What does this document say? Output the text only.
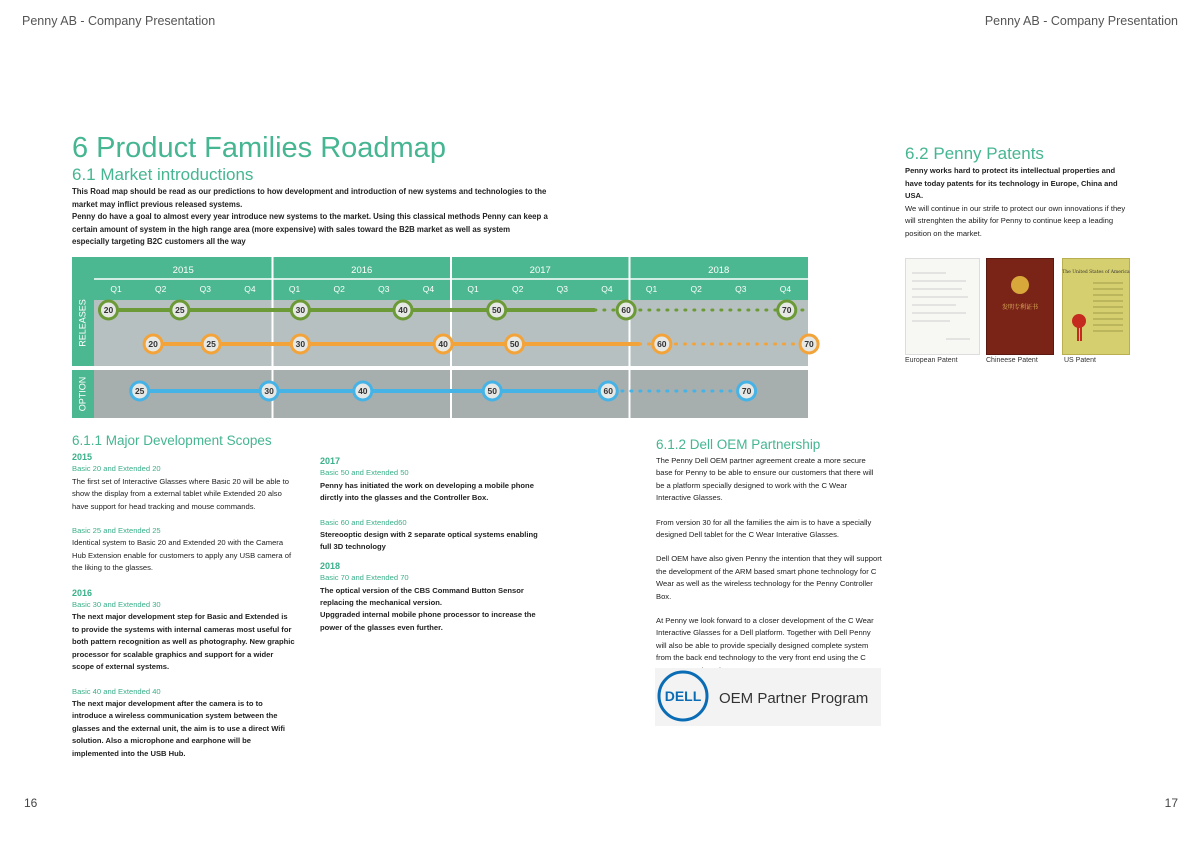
Penny AB - Company Presentation	Penny AB - Company Presentation
6 Product Families Roadmap
6.1 Market introductions

This Road map should be read as our predictions to how development and introduction of new systems and technologies to the market may inflict previous released systems.

Penny do have a goal to almost every year introduce new systems to the market. Using this classical methods Penny can keep a certain amount of system in the high range area (more expensive) with sales toward the B2B market as well as system especially targeting B2C customers all the way

RELEASES
OPTION
2015	2016	2017	2018
Q1	Q2	Q3	Q4	Q1	Q2	Q3	Q4	Q1	Q2	Q3	Q4	Q1	Q2	Q3	Q4
20	25	30	40	50	60	70
20	25	30	40	50	60	70
25	30	40	50	60	70
6.1.1 Major Development Scopes
2015
Basic 20 and Extended 20

The first set of Interactive Glasses where Basic 20 will be able to show the display from a external tablet while Extended 20 also have support for head tracking and mouse commands.

Basic 25 and Extended 25

Identical system to Basic 20 and Extended 20 with the Camera Hub Extension enable for customers to apply any USB camera of the liking to the glasses.

2016
Basic 30 and Extended 30

The next major development step for Basic and Extended is to provide the systems with internal cameras most useful for both pattern recognition as well as photography. New graphic processor for scalable graphics and support for a wider scope of external systems.

Basic 40 and Extended 40

The next major development after the camera is to to introduce a wireless communication system between the glasses and the external unit, the aim is to use a direct Wifi solution. Also a microphone and earphone will be implemented into the USB Hub.

2017
Basic 50 and Extended 50

Penny has initiated the work on developing a mobile phone dirctly into the glasses and the Controller Box.

Basic 60 and Extended60

Stereooptic design with 2 separate optical systems enabling full 3D technology

2018
Basic 70 and Extended 70

The optical version of the CBS Command Button Sensor replacing the mechanical version.

Upggraded internal mobile phone processor to increase the power of the glasses even further.

6.1.2 Dell OEM Partnership

The Penny Dell OEM partner agreement create a more secure base for Penny to be able to ensure our customers that there will be a platform specially designed to work with the C Wear Interactive Glasses.

From version 30 for all the families the aim is to have a specially designed Dell tablet for the C Wear Interative Glasses.

Dell OEM have also given Penny the intention that they will support the development of the ARM based smart phone technology for C Wear as well as the wireless technology for the Penny Controller Box.

At Penny we look forward to a closer development of the C Wear Interactive Glasses for a Dell platform. Together with Dell Penny will also be able to provide specially designed complete system from the back end technology to the very front end using the C

DELL OEM Partner Program
6.2 Penny Patents

Penny works hard to protect its intellectual properties and have today patents for its technology in Europe, China and USA.

We will continue in our strife to protect our own innovations if they will strenghten the ability for Penny to continue keep a leading position on the market.

发明专利证书
The United States of America
European Patent	Chineese Patent	US Patent
16	17
